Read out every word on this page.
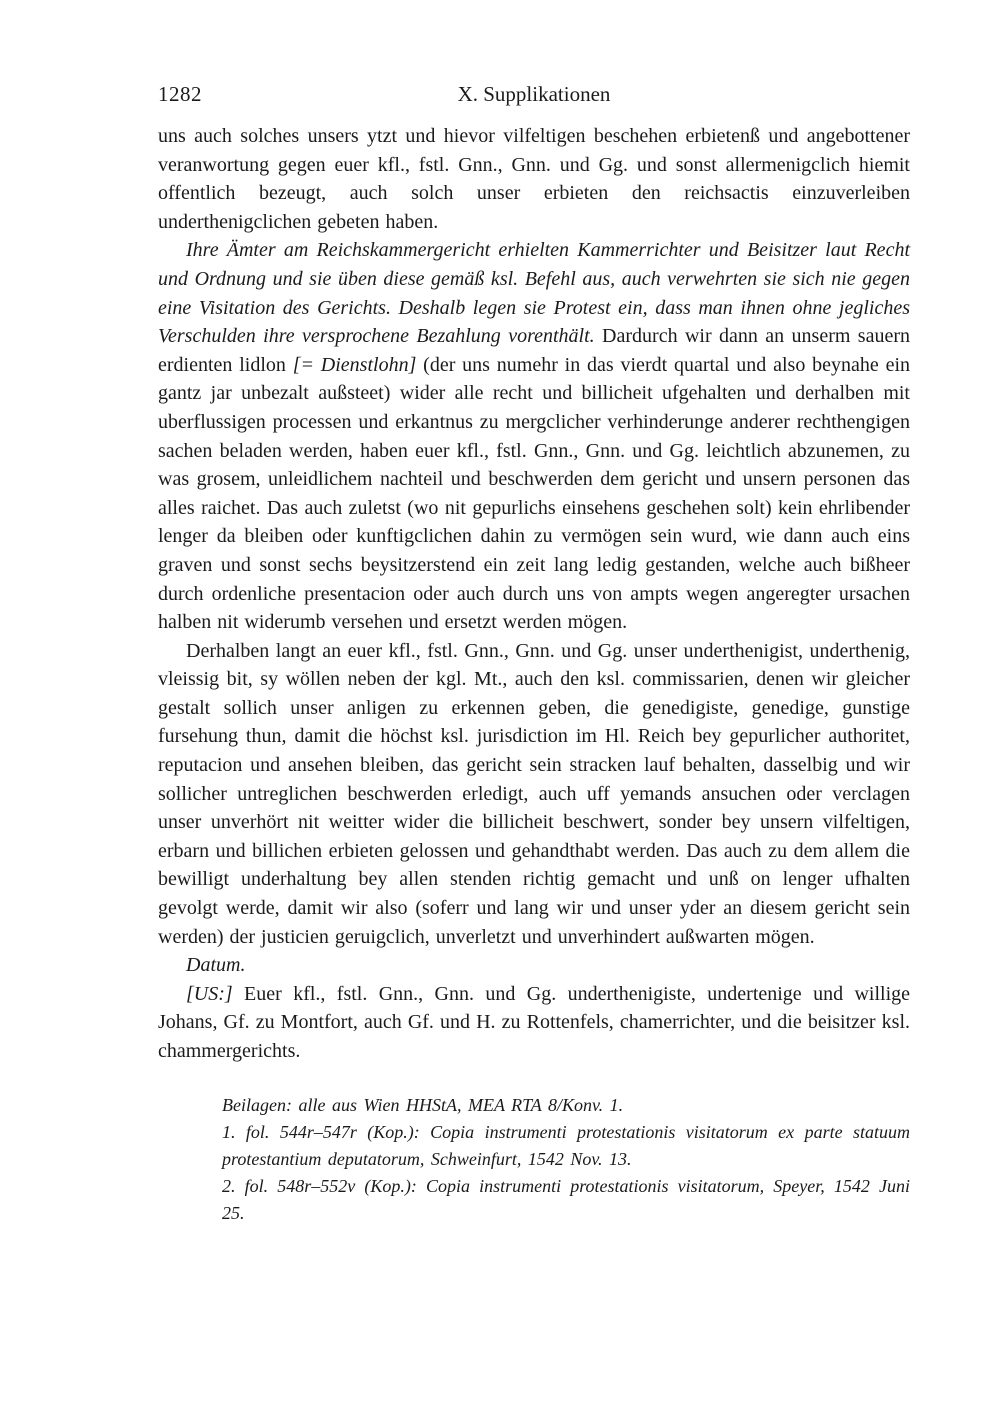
1282	X. Supplikationen

uns auch solches unsers ytzt und hievor vilfeltigen beschehen erbietenß und angebottener veranwortung gegen euer kfl., fstl. Gnn., Gnn. und Gg. und sonst allermenigclich hiemit offentlich bezeugt, auch solch unser erbieten den reichsactis einzuverleiben underthenigclichen gebeten haben.

Ihre Ämter am Reichskammergericht erhielten Kammerrichter und Beisitzer laut Recht und Ordnung und sie üben diese gemäß ksl. Befehl aus, auch verwehrten sie sich nie gegen eine Visitation des Gerichts. Deshalb legen sie Protest ein, dass man ihnen ohne jegliches Verschulden ihre versprochene Bezahlung vorenthält. Dardurch wir dann an unserm sauern erdienten lidlon [= Dienstlohn] (der uns numehr in das vierdt quartal und also beynahe ein gantz jar unbezalt außsteet) wider alle recht und billicheit ufgehalten und derhalben mit uberflussigen processen und erkantnus zu mergclicher verhinderunge anderer rechthengigen sachen beladen werden, haben euer kfl., fstl. Gnn., Gnn. und Gg. leichtlich abzunemen, zu was grosem, unleidlichem nachteil und beschwerden dem gericht und unsern personen das alles raichet. Das auch zuletst (wo nit gepurlichs einsehens geschehen solt) kein ehrlibender lenger da bleiben oder kunftigclichen dahin zu vermögen sein wurd, wie dann auch eins graven und sonst sechs beysitzerstend ein zeit lang ledig gestanden, welche auch bißheer durch ordenliche presentacion oder auch durch uns von ampts wegen angeregter ursachen halben nit widerumb versehen und ersetzt werden mögen.

Derhalben langt an euer kfl., fstl. Gnn., Gnn. und Gg. unser underthenigist, underthenig, vleissig bit, sy wöllen neben der kgl. Mt., auch den ksl. commissarien, denen wir gleicher gestalt sollich unser anligen zu erkennen geben, die genedigiste, genedige, gunstige fursehung thun, damit die höchst ksl. jurisdiction im Hl. Reich bey gepurlicher authoritet, reputacion und ansehen bleiben, das gericht sein stracken lauf behalten, dasselbig und wir sollicher untreglichen beschwerden erledigt, auch uff yemands ansuchen oder verclagen unser unverhört nit weitter wider die billicheit beschwert, sonder bey unsern vilfeltigen, erbarn und billichen erbieten gelossen und gehandthabt werden. Das auch zu dem allem die bewilligt underhaltung bey allen stenden richtig gemacht und unß on lenger ufhalten gevolgt werde, damit wir also (soferr und lang wir und unser yder an diesem gericht sein werden) der justicien geruigclich, unverletzt und unverhindert außwarten mögen.

Datum.

[US:] Euer kfl., fstl. Gnn., Gnn. und Gg. underthenigiste, undertenige und willige Johans, Gf. zu Montfort, auch Gf. und H. zu Rottenfels, chamerrichter, und die beisitzer ksl. chammergerichts.

Beilagen: alle aus Wien HHStA, MEA RTA 8/Konv. 1.

1. fol. 544r–547r (Kop.): Copia instrumenti protestationis visitatorum ex parte statuum protestantium deputatorum, Schweinfurt, 1542 Nov. 13.

2. fol. 548r–552v (Kop.): Copia instrumenti protestationis visitatorum, Speyer, 1542 Juni 25.
